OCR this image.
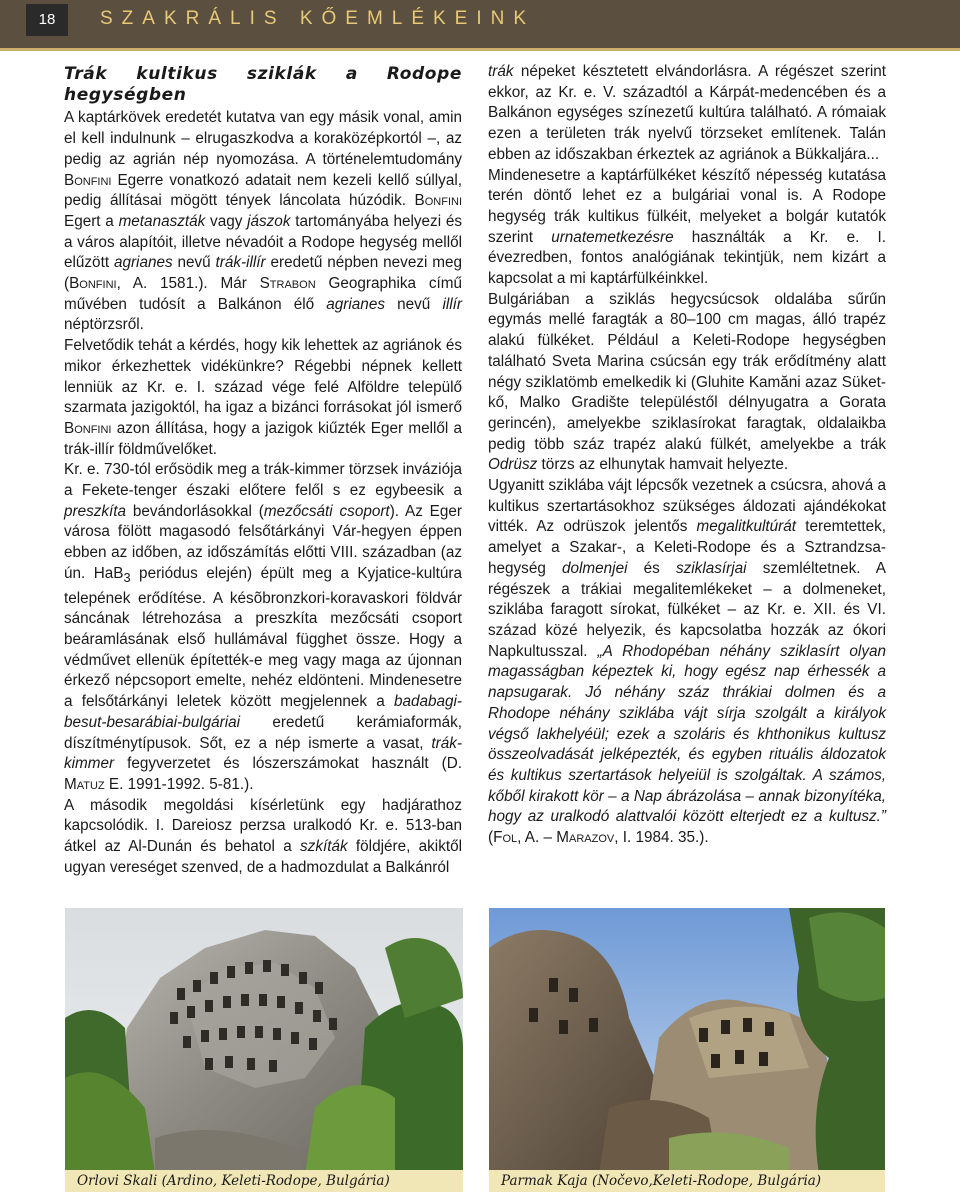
18	SZAKRÁLIS KŐEMLÉKEINK
Trák kultikus sziklák a Rodope hegységben

A kaptárkövek eredetét kutatva van egy másik vonal, amin el kell indulnunk – elrugaszkodva a koraközépkortól –, az pedig az agrián nép nyomozása. A történelemtudomány Bonfini Egerre vonatkozó adatait nem kezeli kellő súllyal, pedig állításai mögött tények láncolata húzódik. Bonfini Egert a metanaszták vagy jászok tartományába helyezi és a város alapítóit, illetve névadóit a Rodope hegység mellől elűzött agrianes nevű trák-illír eredetű népben nevezi meg (Bonfini, A. 1581.). Már Strabon Geographika című művében tudósít a Balkánon élő agrianes nevű illír néptörzsről.

Felvetődik tehát a kérdés, hogy kik lehettek az agriánok és mikor érkezhettek vidékünkre? Régebbi népnek kellett lenniük az Kr. e. I. század vége felé Alföldre települő szarmata jazigoktól, ha igaz a bizánci forrásokat jól ismerő Bonfini azon állítása, hogy a jazigok kiűzték Eger mellől a trák-illír földművelőket.

Kr. e. 730-tól erősödik meg a trák-kimmer törzsek inváziója a Fekete-tenger északi előtere felől s ez egybeesik a preszkíta bevándorlásokkal (mezőcsáti csoport). Az Eger városa fölött magasodó felsőtárkányi Vár-hegyen éppen ebben az időben, az időszámítás előtti VIII. században (az ún. HaB$_3$ periódus elején) épült meg a Kyjatice-kultúra telepének erődítése. A késõbronzkori-koravaskori földvár sáncának létrehozása a preszkíta mezőcsáti csoport beáramlásának első hullámával függhet össze. Hogy a védművet ellenük építették-e meg vagy maga az újonnan érkező népcsoport emelte, nehéz eldönteni. Mindenesetre a felsőtárkányi leletek között megjelennek a badabagi-besut-besarábiai-bulgáriai eredetű kerámiaformák, díszítménytípusok. Sőt, ez a nép ismerte a vasat, trák-kimmer fegyverzetet és lószerszámokat használt (D. Matuz E. 1991-1992. 5-81.).

A második megoldási kísérletünk egy hadjárathoz kapcsolódik. I. Dareiosz perzsa uralkodó Kr. e. 513-ban átkel az Al-Dunán és behatol a szkíták földjére, akiktől ugyan vereséget szenved, de a hadmozdulat a Balkánról

trák népeket késztetett elvándorlásra. A régészet szerint ekkor, az Kr. e. V. századtól a Kárpát-medencében és a Balkánon egységes színezetű kultúra található. A rómaiak ezen a területen trák nyelvű törzseket említenek. Talán ebben az időszakban érkeztek az agriánok a Bükkaljára...

Mindenesetre a kaptárfülkéket készítő népesség kutatása terén döntő lehet ez a bulgáriai vonal is. A Rodope hegység trák kultikus fülkéit, melyeket a bolgár kutatók szerint urnatemetkezésre használták a Kr. e. I. évezredben, fontos analógiának tekintjük, nem kizárt a kapcsolat a mi kaptárfülkéinkkel.

Bulgáriában a sziklás hegycsúcsok oldalába sűrűn egymás mellé faragták a 80–100 cm magas, álló trapéz alakú fülkéket. Például a Keleti-Rodope hegységben található Sveta Marina csúcsán egy trák erődítmény alatt négy sziklatömb emelkedik ki (Gluhite Kamăni azaz Süket-kő, Malko Gradište településtől délnyugatra a Gorata gerincén), amelyekbe sziklasírokat faragtak, oldalaikba pedig több száz trapéz alakú fülkét, amelyekbe a trák Odrüsz törzs az elhunytak hamvait helyezte.

Ugyanitt sziklába vájt lépcsők vezetnek a csúcsra, ahová a kultikus szertartásokhoz szükséges áldozati ajándékokat vitték. Az odrüszok jelentős megalitkultúrát teremtettek, amelyet a Szakar-, a Keleti-Rodope és a Sztrandzsa-hegység dolmenjei és sziklasírjai szemléltetnek. A régészek a trákiai megalitemlékeket – a dolmeneket, sziklába faragott sírokat, fülkéket – az Kr. e. XII. és VI. század közé helyezik, és kapcsolatba hozzák az ókori Napkultusszal. „A Rhodopéban néhány sziklasírt olyan magasságban képeztek ki, hogy egész nap érhessék a napsugarak. Jó néhány száz thrákiai dolmen és a Rhodope néhány sziklába vájt sírja szolgált a királyok végső lakhelyéül; ezek a szoláris és khthonikus kultusz összeolvadását jelképezték, és egyben rituális áldozatok és kultikus szertartások helyeiül is szolgáltak. A számos, kőből kirakott kör – a Nap ábrázolása – annak bizonyítéka, hogy az uralkodó alattvalói között elterjedt ez a kultusz.” (Fol, A. – Marazov, I. 1984. 35.).

Orlovi Skali (Ardino, Keleti-Rodope, Bulgária)	Parmak Kaja (Nočevo,Keleti-Rodope, Bulgária)
